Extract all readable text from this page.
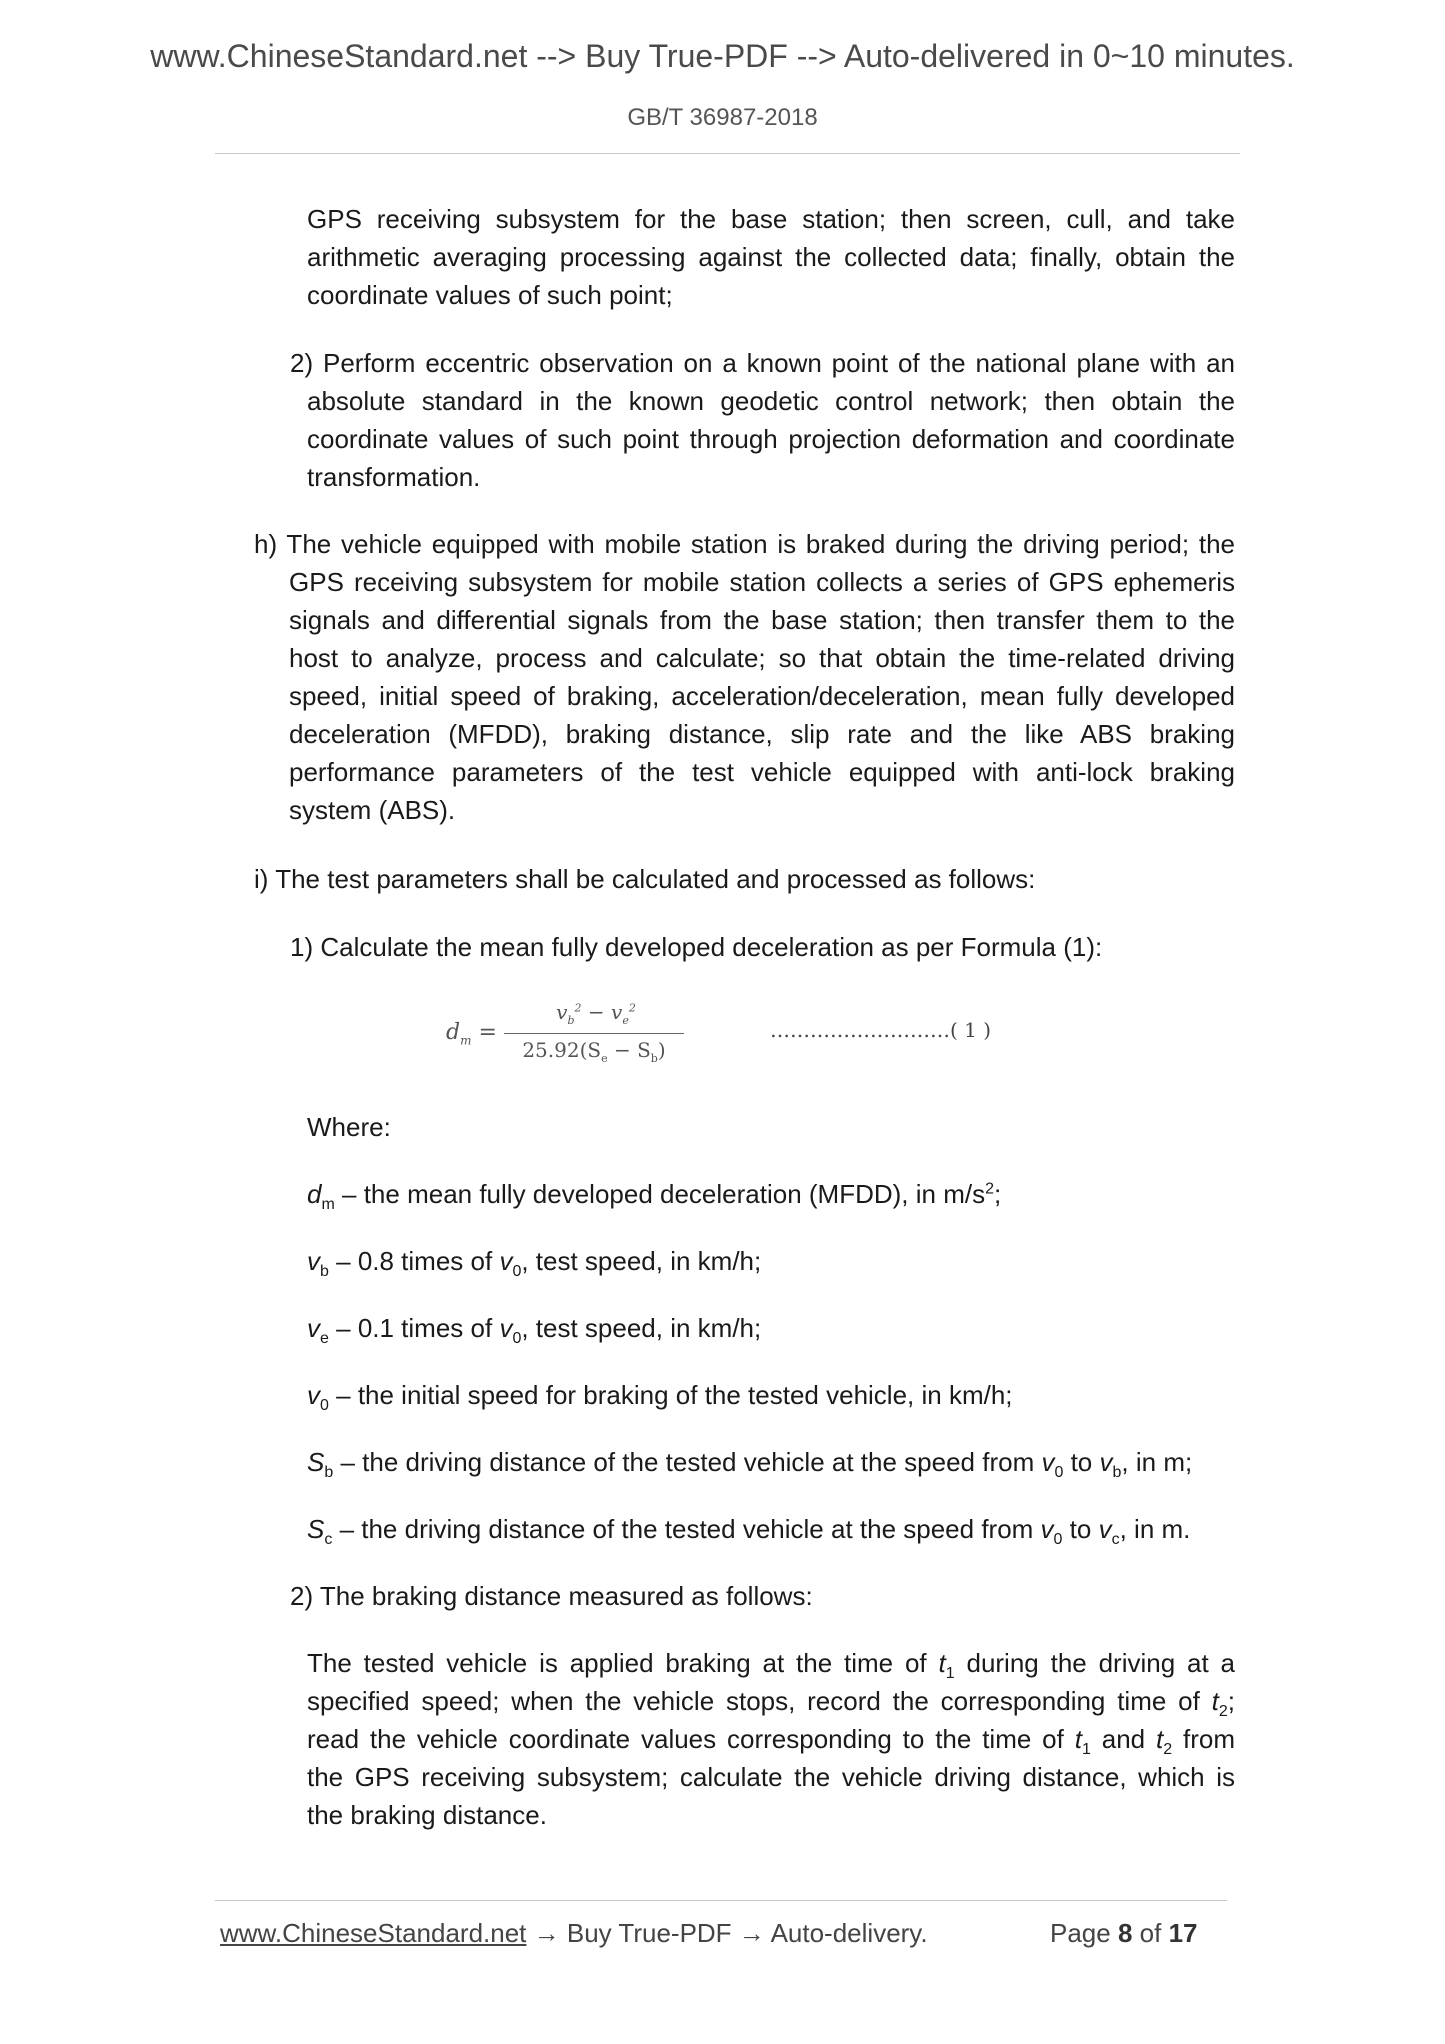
www.ChineseStandard.net --> Buy True-PDF --> Auto-delivered in 0~10 minutes.
GB/T 36987-2018
GPS receiving subsystem for the base station; then screen, cull, and take
arithmetic averaging processing against the collected data; finally, obtain the
coordinate values of such point;
2) Perform eccentric observation on a known point of the national plane with an
absolute standard in the known geodetic control network; then obtain the
coordinate values of such point through projection deformation and coordinate
transformation.
h) The vehicle equipped with mobile station is braked during the driving period; the
GPS receiving subsystem for mobile station collects a series of GPS ephemeris
signals and differential signals from the base station; then transfer them to the
host to analyze, process and calculate; so that obtain the time-related driving
speed, initial speed of braking, acceleration/deceleration, mean fully developed
deceleration (MFDD), braking distance, slip rate and the like ABS braking
performance parameters of the test vehicle equipped with anti-lock braking
system (ABS).
i) The test parameters shall be calculated and processed as follows:
1) Calculate the mean fully developed deceleration as per Formula (1):
$d_m$ =
$v_b^2 - v_e^2$
$25.92(S_e - S_b)$
………………………( 1 )
Where:
$d_m$ – the mean fully developed deceleration (MFDD), in $m/s^2$;
$v_b - 0.8$ times of $v_0$, test speed, in km/h;
$v_e - 0.1$ times of $v_0$, test speed, in km/h;
$v_0$ – the initial speed for braking of the tested vehicle, in km/h;
$S_b$ – the driving distance of the tested vehicle at the speed from $v_0$ to $v_b$, in m;
$S_c$ – the driving distance of the tested vehicle at the speed from $v_0$ to $v_c$, in m.
2) The braking distance measured as follows:
The tested vehicle is applied braking at the time of $t_1$ during the driving at a
specified speed; when the vehicle stops, record the corresponding time of $t_2$;
read the vehicle coordinate values corresponding to the time of $t_1$ and $t_2$ from
the GPS receiving subsystem; calculate the vehicle driving distance, which is
the braking distance.
www.ChineseStandard.net → Buy True-PDF → Auto-delivery.	Page 8 of 17
